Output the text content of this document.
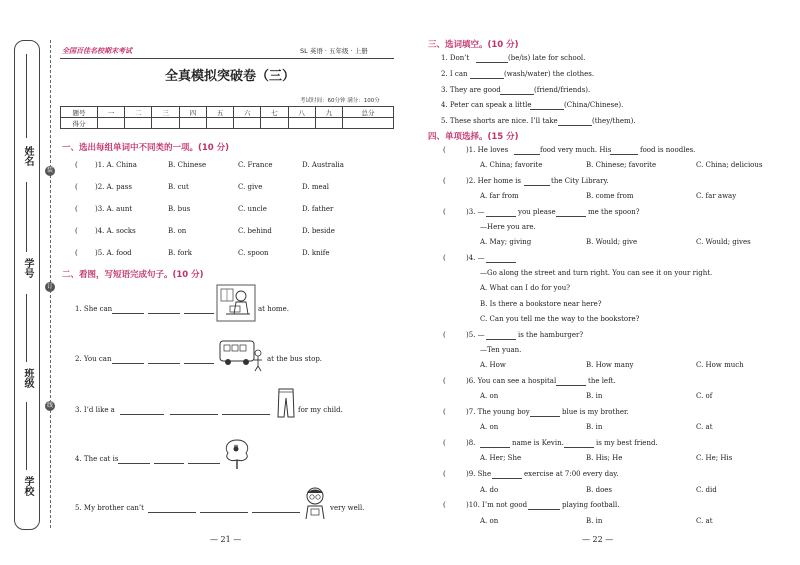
姓名
学号
班级
学校
装
订
线
全国百佳名校期末考试	SL 英语 · 五年级 · 上册
全真模拟突破卷（三）
考试时间：60分钟 满分：100分
题号	一	二	三	四	五	六	七	八	九	总分
得分										
一、选出每组单词中不同类的一项。(10 分)
( )1. A. China	B. Chinese	C. France	D. Australia
( )2. A. pass	B. cut	C. give	D. meal
( )3. A. aunt	B. bus	C. uncle	D. father
( )4. A. socks	B. on	C. behind	D. beside
( )5. A. food	B. fork	C. spoon	D. knife
二、看图，写短语完成句子。(10 分)
1. She can	at home.
2. You can	at the bus stop.
3. I’d like a	for my child.
4. The cat is
5. My brother can’t	very well.
— 21 —
三、选词填空。(10 分)
1. Don’t	(be/is) late for school.
2. I can	(wash/water) the clothes.
3. They are good	(friend/friends).
4. Peter can speak a little	(China/Chinese).
5. These shorts are nice. I’ll take	(they/them).
四、单项选择。(15 分)
(	)1. He loves	food very much. His	food is noodles.
A. China; favorite	B. Chinese; favorite	C. China; delicious
(	)2. Her home is	the City Library.
A. far from	B. come from	C. far away
(	)3. —	you please	me the spoon?
—Here you are.
A. May; giving	B. Would; give	C. Would; gives
(	)4. —
—Go along the street and turn right. You can see it on your right.
A. What can I do for you?
B. Is there a bookstore near here?
C. Can you tell me the way to the bookstore?
(	)5. —	is the hamburger?
—Ten yuan.
A. How	B. How many	C. How much
(	)6. You can see a hospital	the left.
A. on	B. in	C. of
(	)7. The young boy	blue is my brother.
A. on	B. in	C. at
(	)8.	name is Kevin.	is my best friend.
A. Her; She	B. His; He	C. He; His
(	)9. She	exercise at 7:00 every day.
A. do	B. does	C. did
(	)10. I’m not good	playing football.
A. on	B. in	C. at
— 22 —
